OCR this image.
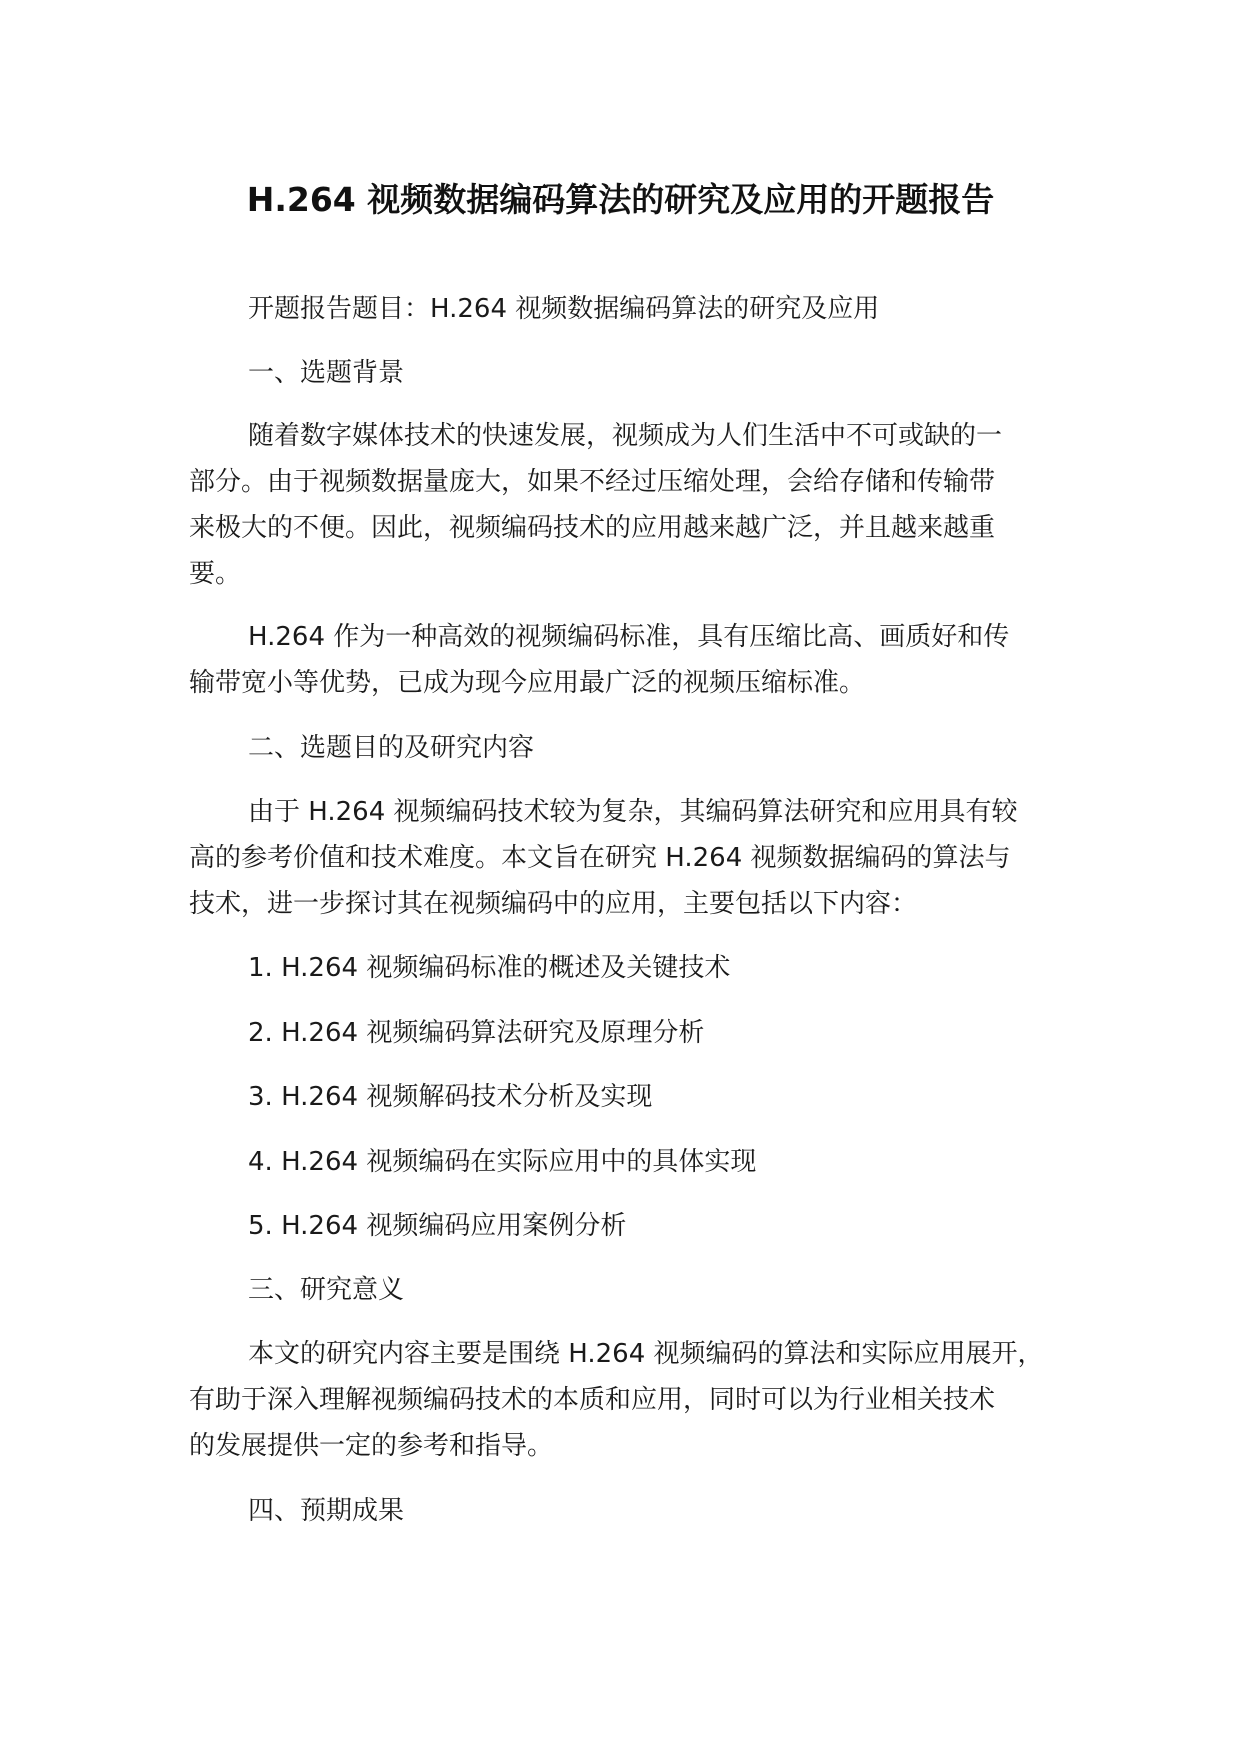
H.264 视频数据编码算法的研究及应用的开题报告
开题报告题目：H.264 视频数据编码算法的研究及应用
一、选题背景
随着数字媒体技术的快速发展，视频成为人们生活中不可或缺的一
部分。由于视频数据量庞大，如果不经过压缩处理，会给存储和传输带
来极大的不便。因此，视频编码技术的应用越来越广泛，并且越来越重
要。
H.264 作为一种高效的视频编码标准，具有压缩比高、画质好和传
输带宽小等优势，已成为现今应用最广泛的视频压缩标准。
二、选题目的及研究内容
由于 H.264 视频编码技术较为复杂，其编码算法研究和应用具有较
高的参考价值和技术难度。本文旨在研究 H.264 视频数据编码的算法与
技术，进一步探讨其在视频编码中的应用，主要包括以下内容：
1. H.264 视频编码标准的概述及关键技术
2. H.264 视频编码算法研究及原理分析
3. H.264 视频解码技术分析及实现
4. H.264 视频编码在实际应用中的具体实现
5. H.264 视频编码应用案例分析
三、研究意义
本文的研究内容主要是围绕 H.264 视频编码的算法和实际应用展开，
有助于深入理解视频编码技术的本质和应用，同时可以为行业相关技术
的发展提供一定的参考和指导。
四、预期成果
